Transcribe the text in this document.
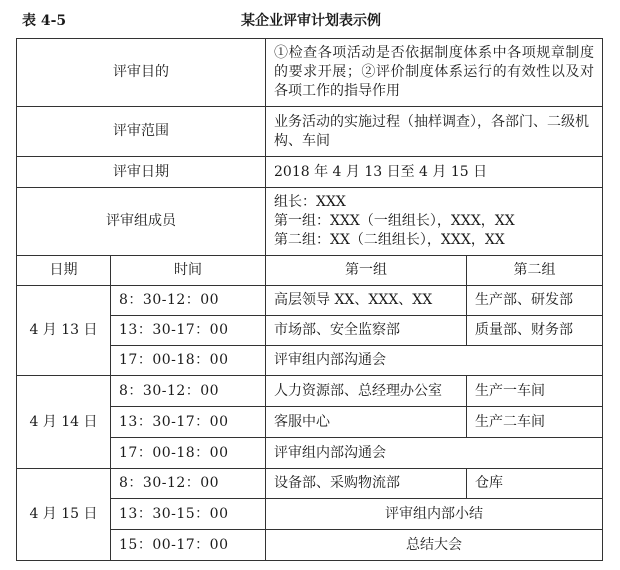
表 4-5	某企业评审计划表示例
评审目的		①检查各项活动是否依据制度体系中各项规章制度的要求开展；②评价制度体系运行的有效性以及对各项工作的指导作用	
评审范围		业务活动的实施过程（抽样调查），各部门、二级机构、车间	
评审日期		2018 年 4 月 13 日至 4 月 15 日	
评审组成员		组长：XXX
第一组：XXX（一组组长），XXX，XX
第二组：XX（二组组长），XXX，XX	

日期	时间	第一组	第二组
4 月 13 日	8：30-12：00	高层领导 XX、XXX、XX	生产部、研发部
	13：30-17：00	市场部、安全监察部	质量部、财务部
	17：00-18：00	评审组内部沟通会	
4 月 14 日	8：30-12：00	人力资源部、总经理办公室	生产一车间
	13：30-17：00	客服中心	生产二车间
	17：00-18：00	评审组内部沟通会	
4 月 15 日	8：30-12：00	设备部、采购物流部	仓库
	13：30-15：00	评审组内部小结	
	15：00-17：00	总结大会	
